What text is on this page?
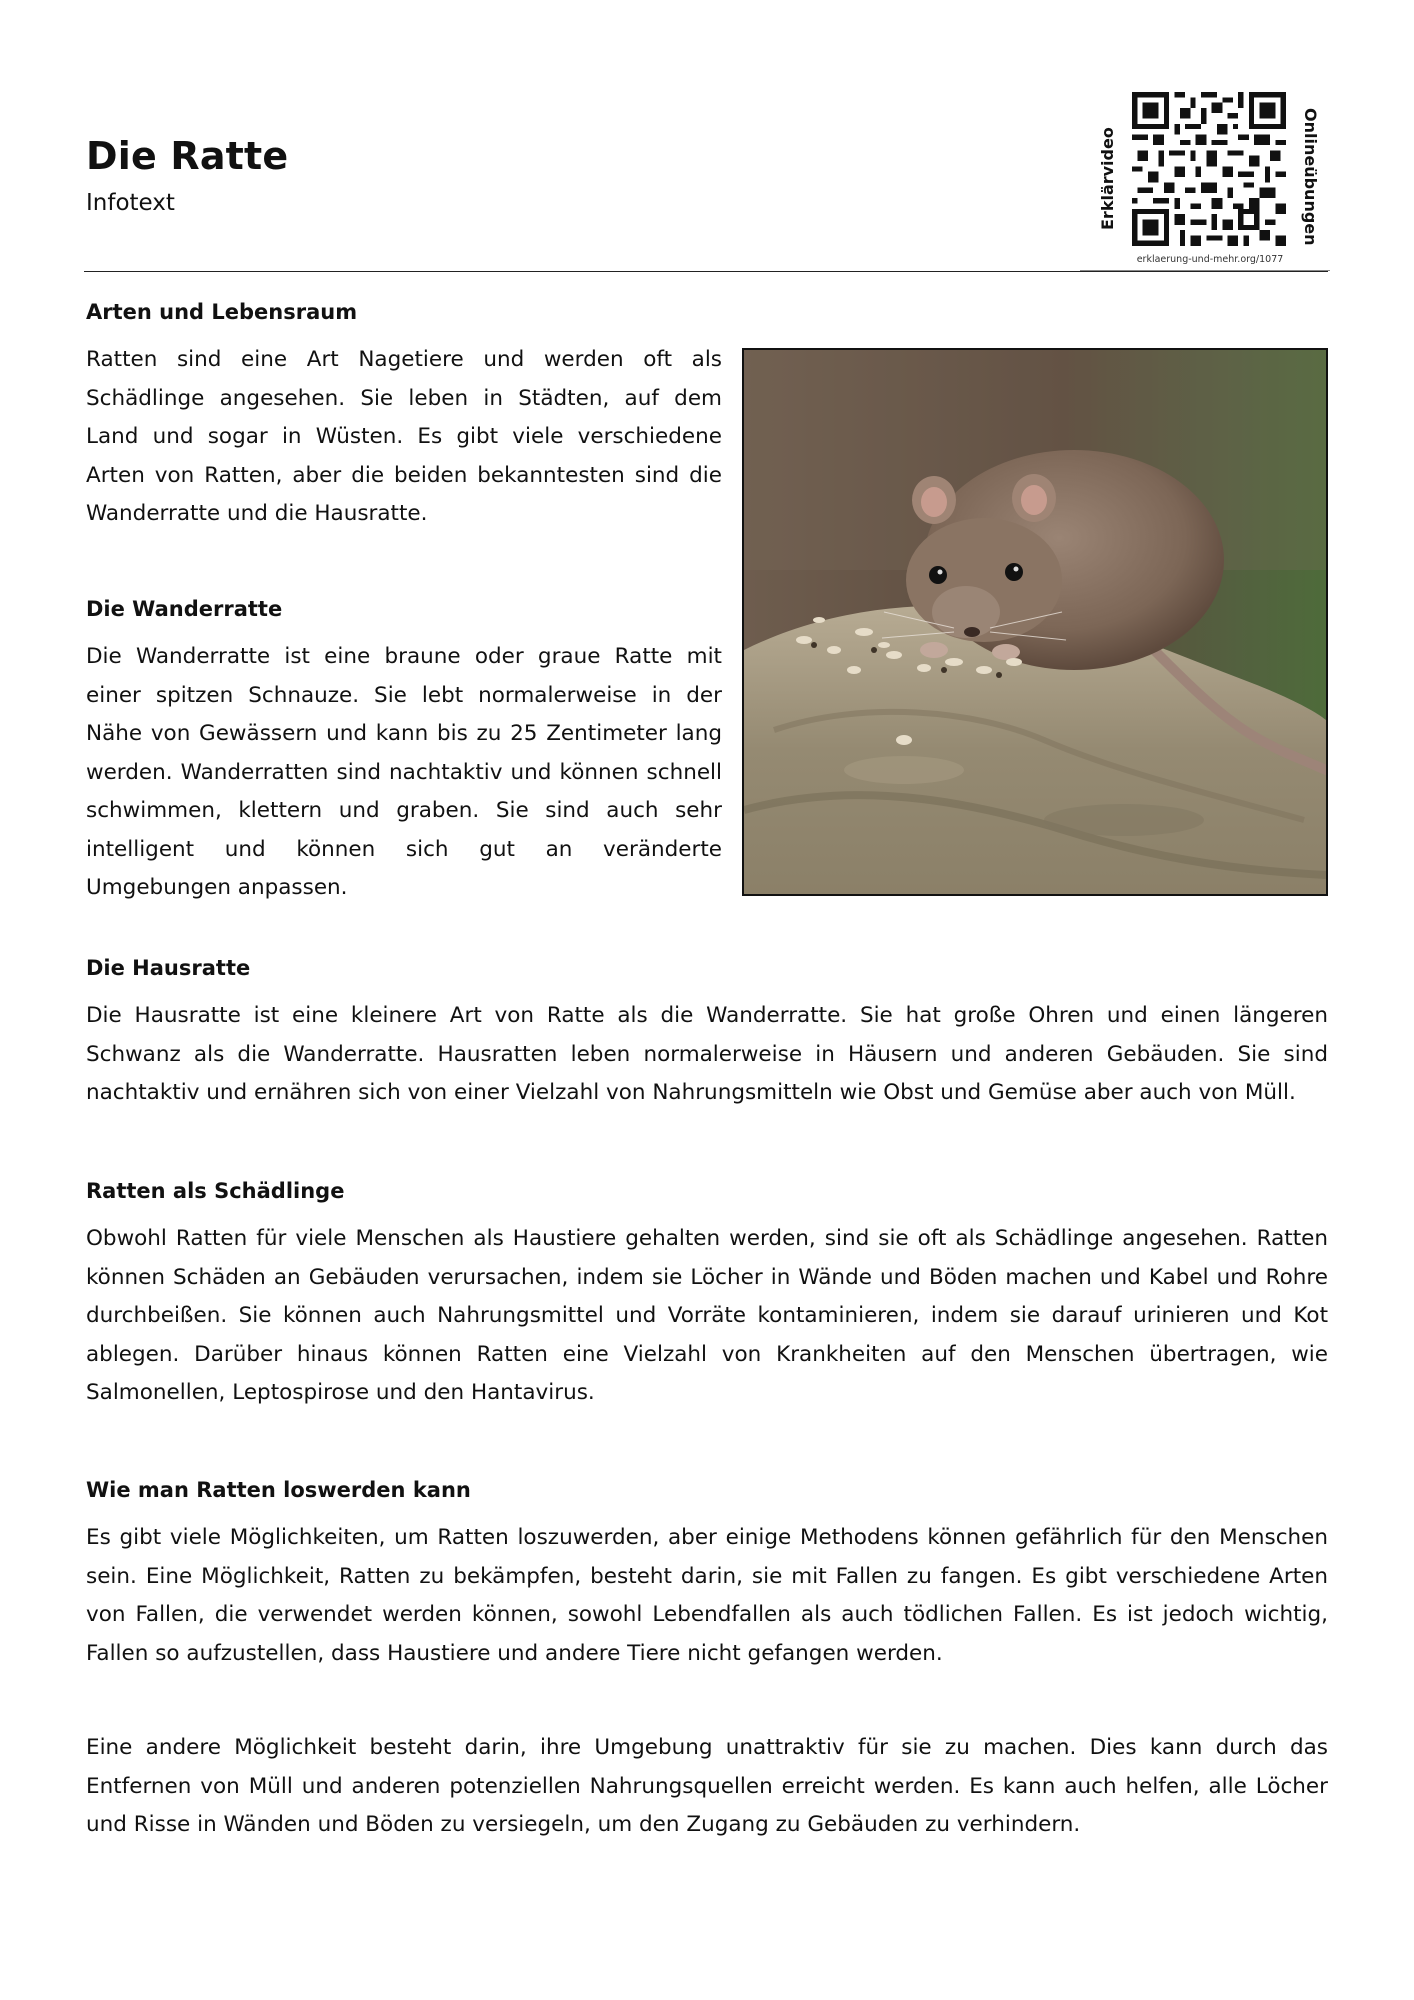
Die Ratte
Infotext	Erklärvideo	Onlineübungen
erklaerung-und-mehr.org/1077
Arten und Lebensraum

Ratten sind eine Art Nagetiere und werden oft als Schädlinge angesehen. Sie leben in Städten, auf dem Land und sogar in Wüsten. Es gibt viele verschiedene Arten von Ratten, aber die beiden bekanntesten sind die Wanderratte und die Hausratte.

Die Wanderratte

Die Wanderratte ist eine braune oder graue Ratte mit einer spitzen Schnauze. Sie lebt normalerweise in der Nähe von Gewässern und kann bis zu 25 Zentimeter lang werden. Wanderratten sind nachtaktiv und können schnell schwimmen, klettern und graben. Sie sind auch sehr intelligent und können sich gut an veränderte Umgebungen anpassen.

Die Hausratte

Die Hausratte ist eine kleinere Art von Ratte als die Wanderratte. Sie hat große Ohren und einen längeren Schwanz als die Wanderratte. Hausratten leben normalerweise in Häusern und anderen Gebäuden. Sie sind nachtaktiv und ernähren sich von einer Vielzahl von Nahrungsmitteln wie Obst und Gemüse aber auch von Müll.

Ratten als Schädlinge

Obwohl Ratten für viele Menschen als Haustiere gehalten werden, sind sie oft als Schädlinge angesehen. Ratten können Schäden an Gebäuden verursachen, indem sie Löcher in Wände und Böden machen und Kabel und Rohre durchbeißen. Sie können auch Nahrungsmittel und Vorräte kontaminieren, indem sie darauf urinieren und Kot ablegen. Darüber hinaus können Ratten eine Vielzahl von Krankheiten auf den Menschen übertragen, wie Salmonellen, Leptospirose und den Hantavirus.

Wie man Ratten loswerden kann

Es gibt viele Möglichkeiten, um Ratten loszuwerden, aber einige Methodens können gefährlich für den Menschen sein. Eine Möglichkeit, Ratten zu bekämpfen, besteht darin, sie mit Fallen zu fangen. Es gibt verschiedene Arten von Fallen, die verwendet werden können, sowohl Lebendfallen als auch tödlichen Fallen. Es ist jedoch wichtig, Fallen so aufzustellen, dass Haustiere und andere Tiere nicht gefangen werden.

Eine andere Möglichkeit besteht darin, ihre Umgebung unattraktiv für sie zu machen. Dies kann durch das Entfernen von Müll und anderen potenziellen Nahrungsquellen erreicht werden. Es kann auch helfen, alle Löcher und Risse in Wänden und Böden zu versiegeln, um den Zugang zu Gebäuden zu verhindern.
